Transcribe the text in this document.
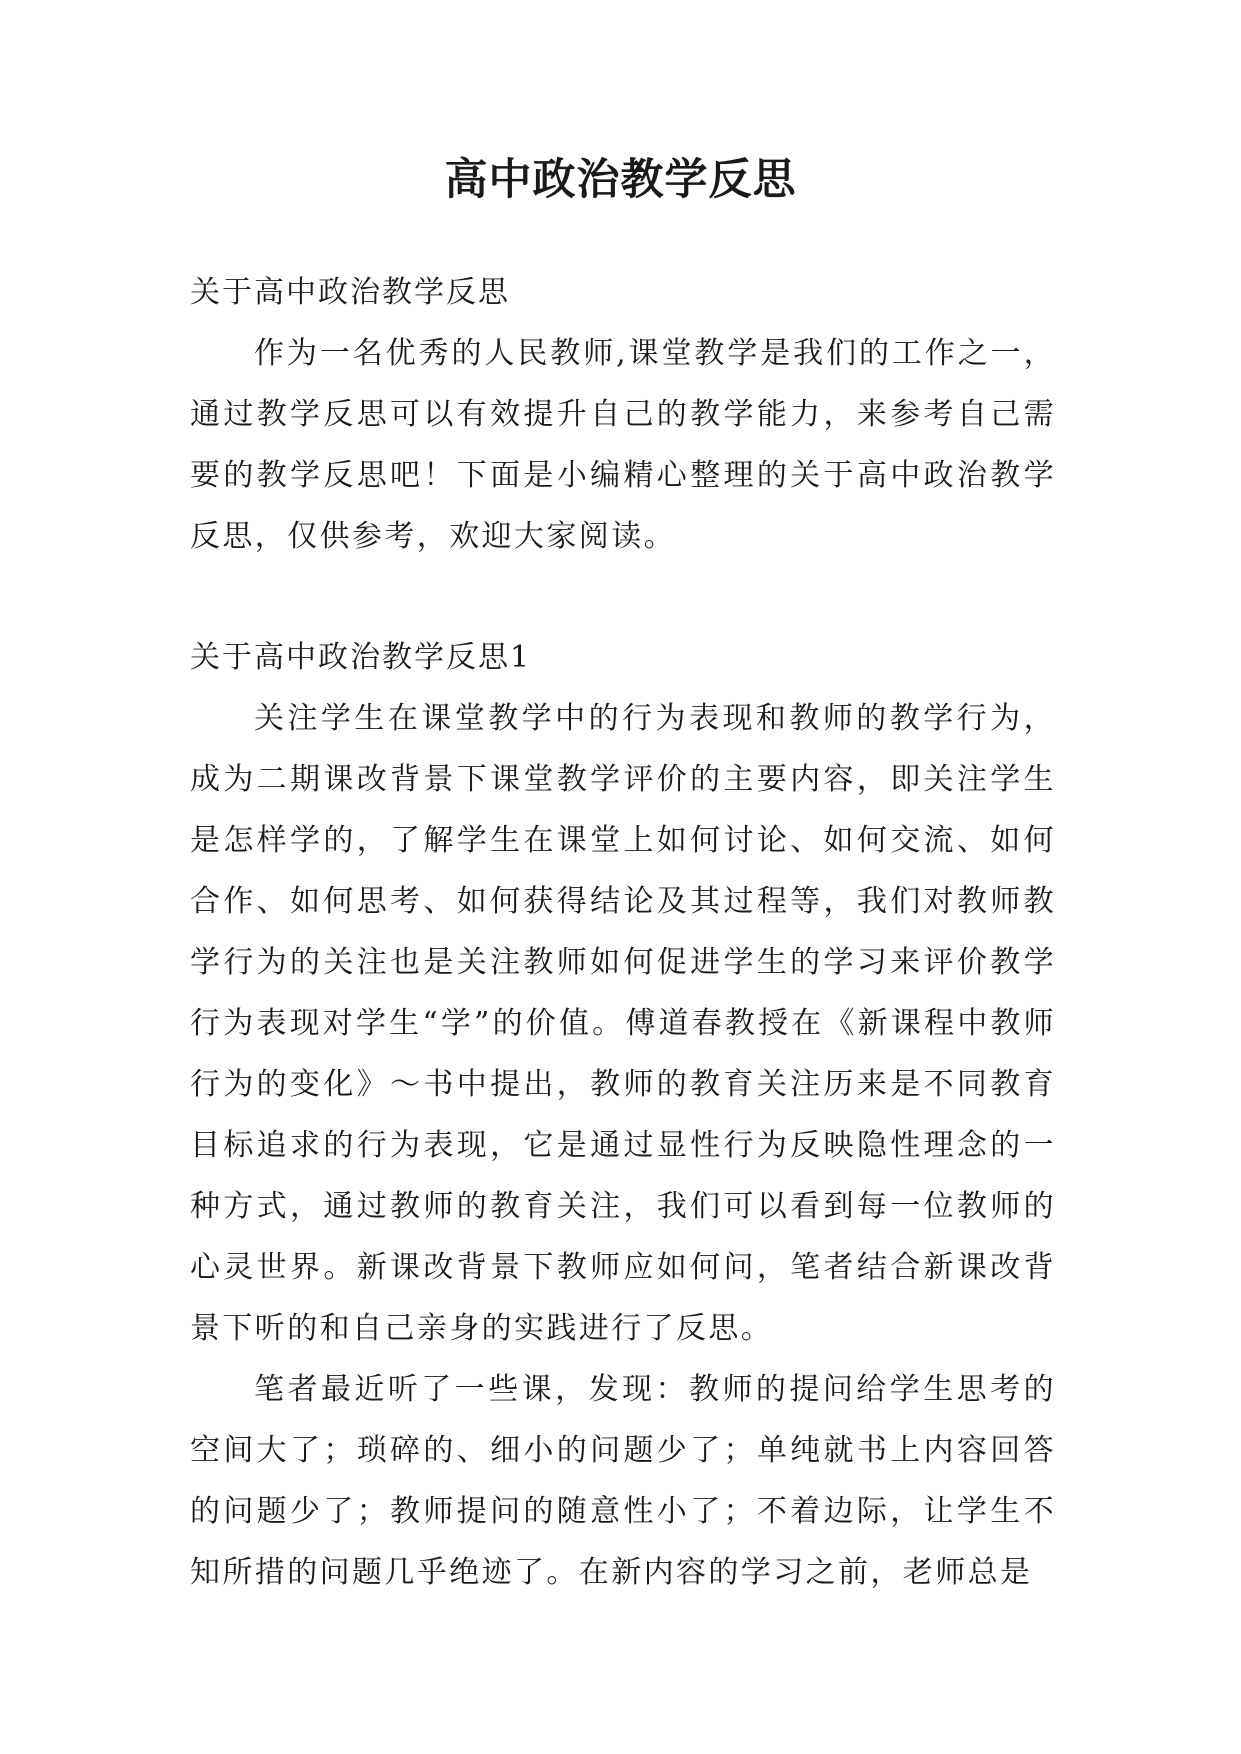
高中政治教学反思

关于高中政治教学反思

作为一名优秀的人民教师,课堂教学是我们的工作之一，通过教学反思可以有效提升自己的教学能力，来参考自己需要的教学反思吧！下面是小编精心整理的关于高中政治教学反思，仅供参考，欢迎大家阅读。

关于高中政治教学反思1

关注学生在课堂教学中的行为表现和教师的教学行为，成为二期课改背景下课堂教学评价的主要内容，即关注学生是怎样学的，了解学生在课堂上如何讨论、如何交流、如何合作、如何思考、如何获得结论及其过程等，我们对教师教学行为的关注也是关注教师如何促进学生的学习来评价教学行为表现对学生“学”的价值。傅道春教授在《新课程中教师行为的变化》～书中提出，教师的教育关注历来是不同教育目标追求的行为表现，它是通过显性行为反映隐性理念的一种方式，通过教师的教育关注，我们可以看到每一位教师的心灵世界。新课改背景下教师应如何问，笔者结合新课改背景下听的和自己亲身的实践进行了反思。

笔者最近听了一些课，发现：教师的提问给学生思考的空间大了；琐碎的、细小的问题少了；单纯就书上内容回答的问题少了；教师提问的随意性小了；不着边际，让学生不知所措的问题几乎绝迹了。在新内容的学习之前，老师总是
